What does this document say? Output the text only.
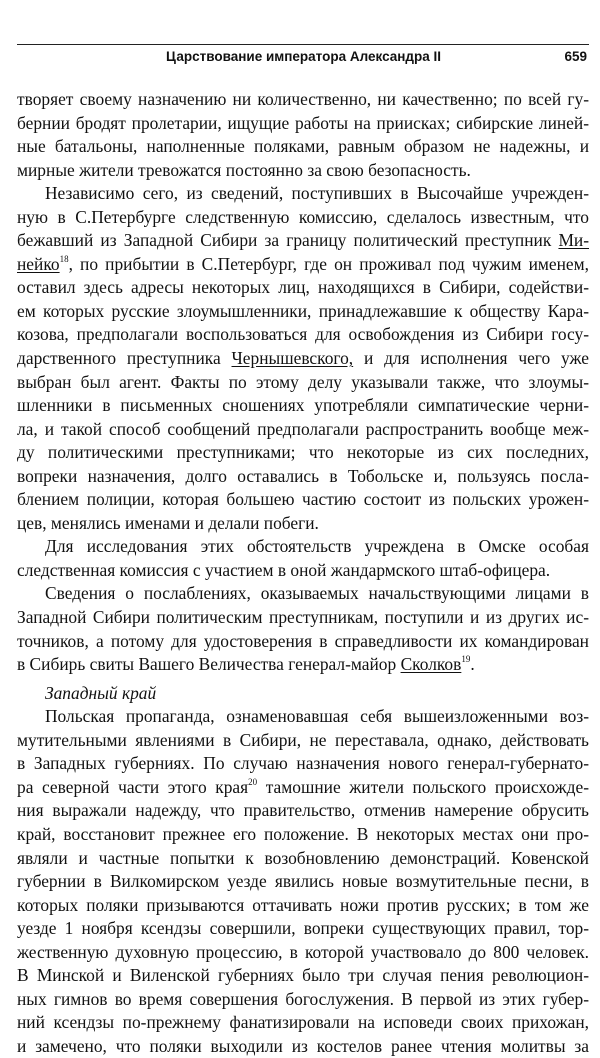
Царствование императора Александра II	659
творяет своему назначению ни количественно, ни качественно; по всей гу-
бернии бродят пролетарии, ищущие работы на приисках; сибирские линей-
ные батальоны, наполненные поляками, равным образом не надежны, и
мирные жители тревожатся постоянно за свою безопасность.
Независимо сего, из сведений, поступивших в Высочайше учрежден-
ную в С.Петербурге следственную комиссию, сделалось известным, что
бежавший из Западной Сибири за границу политический преступник Ми-
нейко$^{18}$, по прибытии в С.Петербург, где он проживал под чужим именем,
оставил здесь адресы некоторых лиц, находящихся в Сибири, содействи-
ем которых русские злоумышленники, принадлежавшие к обществу Кара-
козова, предполагали воспользоваться для освобождения из Сибири госу-
дарственного преступника Чернышевского, и для исполнения чего уже
выбран был агент. Факты по этому делу указывали также, что злоумы-
шленники в письменных сношениях употребляли симпатические черни-
ла, и такой способ сообщений предполагали распространить вообще меж-
ду политическими преступниками; что некоторые из сих последних,
вопреки назначения, долго оставались в Тобольске и, пользуясь посла-
блением полиции, которая большею частию состоит из польских урожен-
цев, менялись именами и делали побеги.
Для исследования этих обстоятельств учреждена в Омске особая
следственная комиссия с участием в оной жандармского штаб-офицера.
Сведения о послаблениях, оказываемых начальствующими лицами в
Западной Сибири политическим преступникам, поступили и из других ис-
точников, а потому для удостоверения в справедливости их командирован
в Сибирь свиты Вашего Величества генерал-майор Сколков$^{19}$.
Западный край
Польская пропаганда, ознаменовавшая себя вышеизложенными воз-
мутительными явлениями в Сибири, не переставала, однако, действовать
в Западных губерниях. По случаю назначения нового генерал-губернато-
ра северной части этого края$^{20}$ тамошние жители польского происхожде-
ния выражали надежду, что правительство, отменив намерение обрусить
край, восстановит прежнее его положение. В некоторых местах они про-
являли и частные попытки к возобновлению демонстраций. Ковенской
губернии в Вилкомирском уезде явились новые возмутительные песни, в
которых поляки призываются оттачивать ножи против русских; в том же
уезде 1 ноября ксендзы совершили, вопреки существующих правил, тор-
жественную духовную процессию, в которой участвовало до 800 человек.
В Минской и Виленской губерниях было три случая пения революцион-
ных гимнов во время совершения богослужения. В первой из этих губер-
ний ксендзы по-прежнему фанатизировали на исповеди своих прихожан,
и замечено, что поляки выходили из костелов ранее чтения молитвы за
